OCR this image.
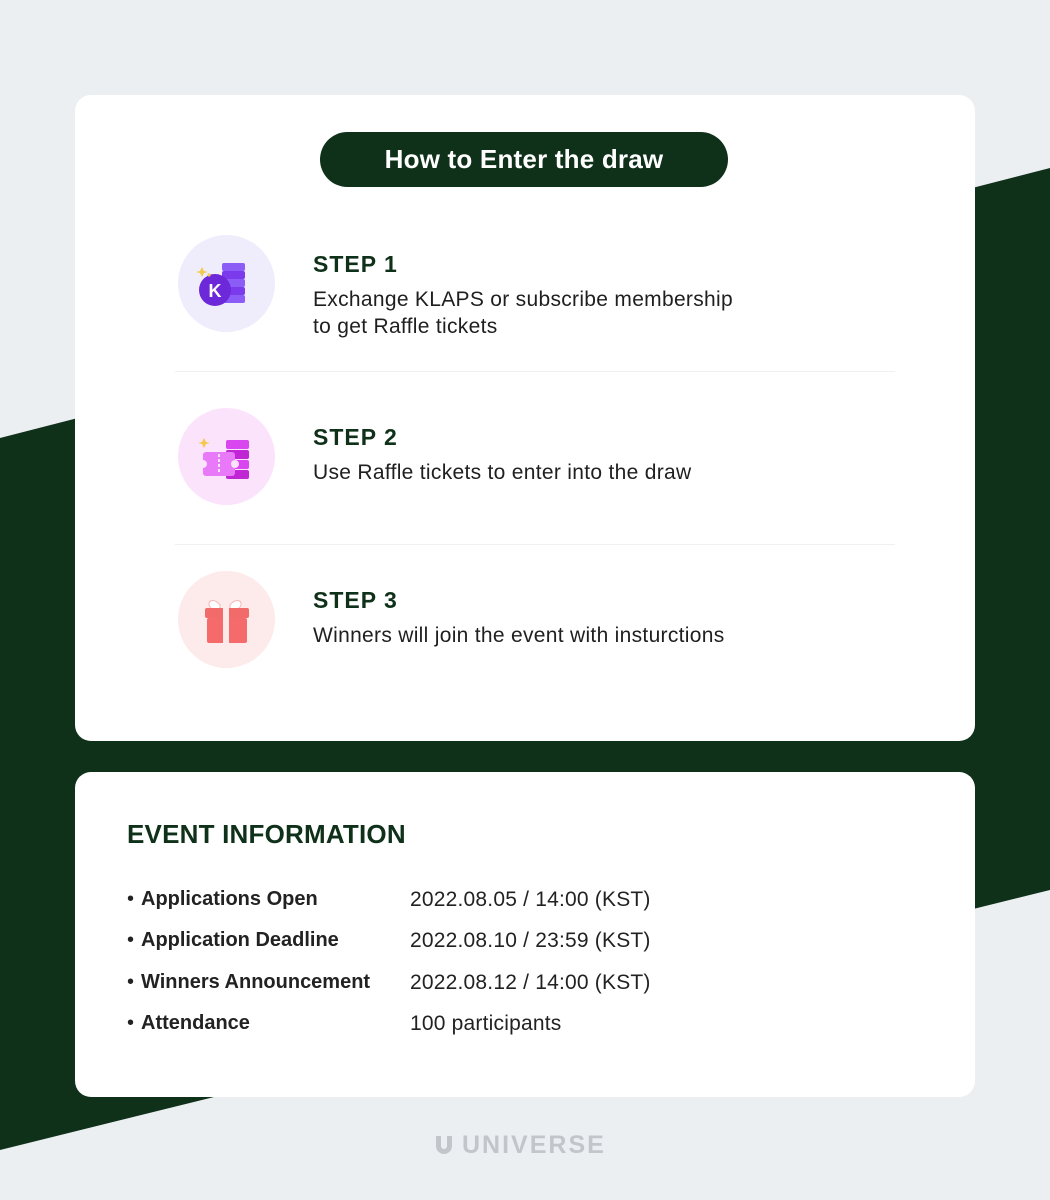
How to Enter the draw
K
STEP 1
Exchange KLAPS or subscribe membership
to get Raffle tickets
STEP 2
Use Raffle tickets to enter into the draw
STEP 3
Winners will join the event with insturctions
EVENT INFORMATION
• Applications Open	2022.08.05 / 14:00 (KST)
• Application Deadline	2022.08.10 / 23:59 (KST)
• Winners Announcement 2022.08.12 / 14:00 (KST)
• Attendance	100 participants
UNIVERSE
